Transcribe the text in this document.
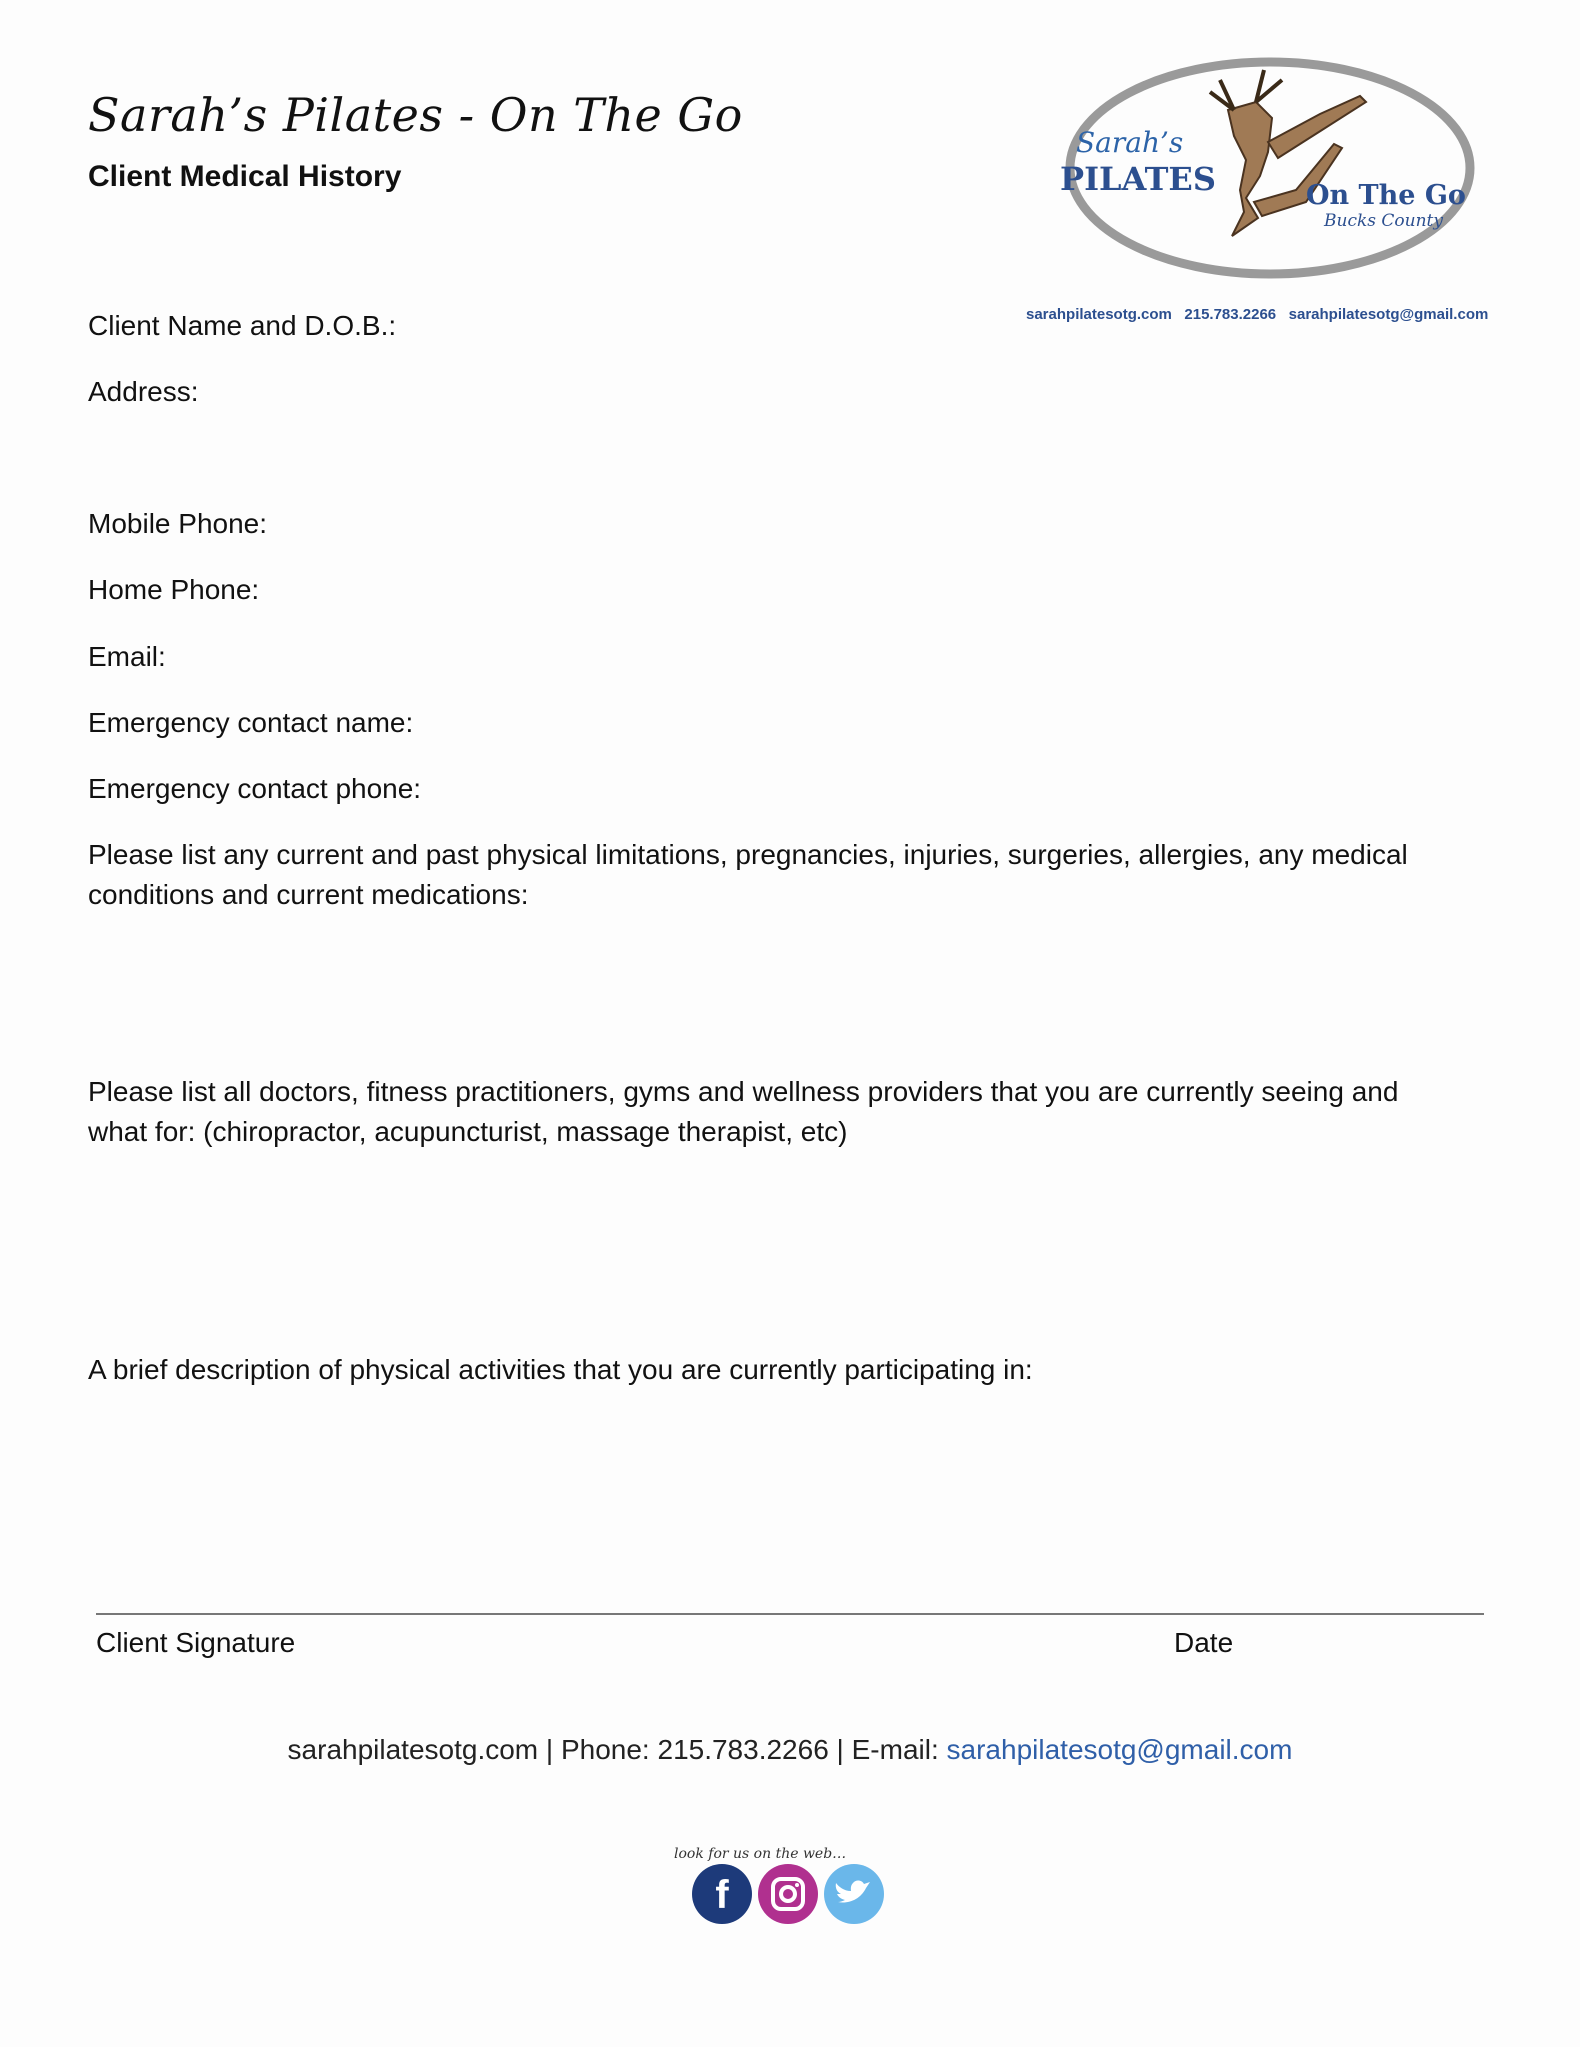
Sarah’s Pilates - On The Go
Client Medical History
Sarah’s
PILATES	On The Go
Bucks County
sarahpilatesotg.com   215.783.2266   sarahpilatesotg@gmail.com
Client Name and D.O.B.:
Address:
Mobile Phone:
Home Phone:
Email:
Emergency contact name:
Emergency contact phone:
Please list any current and past physical limitations, pregnancies, injuries, surgeries, allergies, any medical
conditions and current medications:
Please list all doctors, fitness practitioners, gyms and wellness providers that you are currently seeing and
what for: (chiropractor, acupuncturist, massage therapist, etc)
A brief description of physical activities that you are currently participating in:
Client Signature	Date
sarahpilatesotg.com | Phone: 215.783.2266 | E-mail: sarahpilatesotg@gmail.com
look for us on the web…
f
